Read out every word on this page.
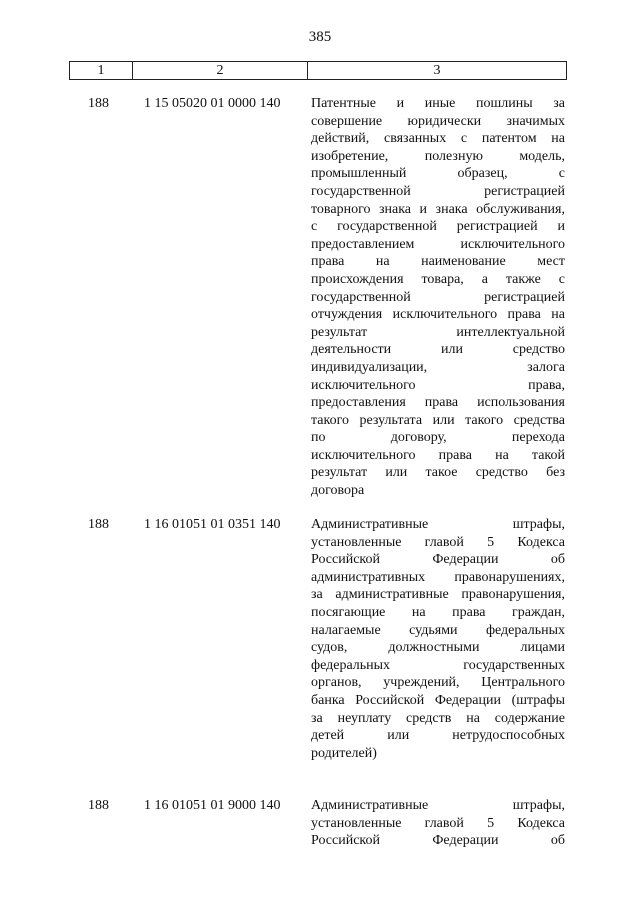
385
1	2	3
188	1 15 05020 01 0000 140 Патентные и иные пошлины за
совершение юридически значимых
действий, связанных с патентом на
изобретение, полезную модель,
промышленный образец, с
государственной регистрацией
товарного знака и знака обслуживания,
с государственной регистрацией и
предоставлением исключительного
права на наименование мест
происхождения товара, а также с
государственной регистрацией
отчуждения исключительного права на
результат интеллектуальной
деятельности или средство
индивидуализации, залога
исключительного права,
предоставления права использования
такого результата или такого средства
по договору, перехода
исключительного права на такой
результат или такое средство без
договора
188	1 16 01051 01 0351 140 Административные штрафы,
установленные главой 5 Кодекса
Российской Федерации об
административных правонарушениях,
за административные правонарушения,
посягающие на права граждан,
налагаемые судьями федеральных
судов, должностными лицами
федеральных государственных
органов, учреждений, Центрального
банка Российской Федерации (штрафы
за неуплату средств на содержание
детей или нетрудоспособных
родителей)
188	1 16 01051 01 9000 140 Административные штрафы,
установленные главой 5 Кодекса
Российской Федерации об
